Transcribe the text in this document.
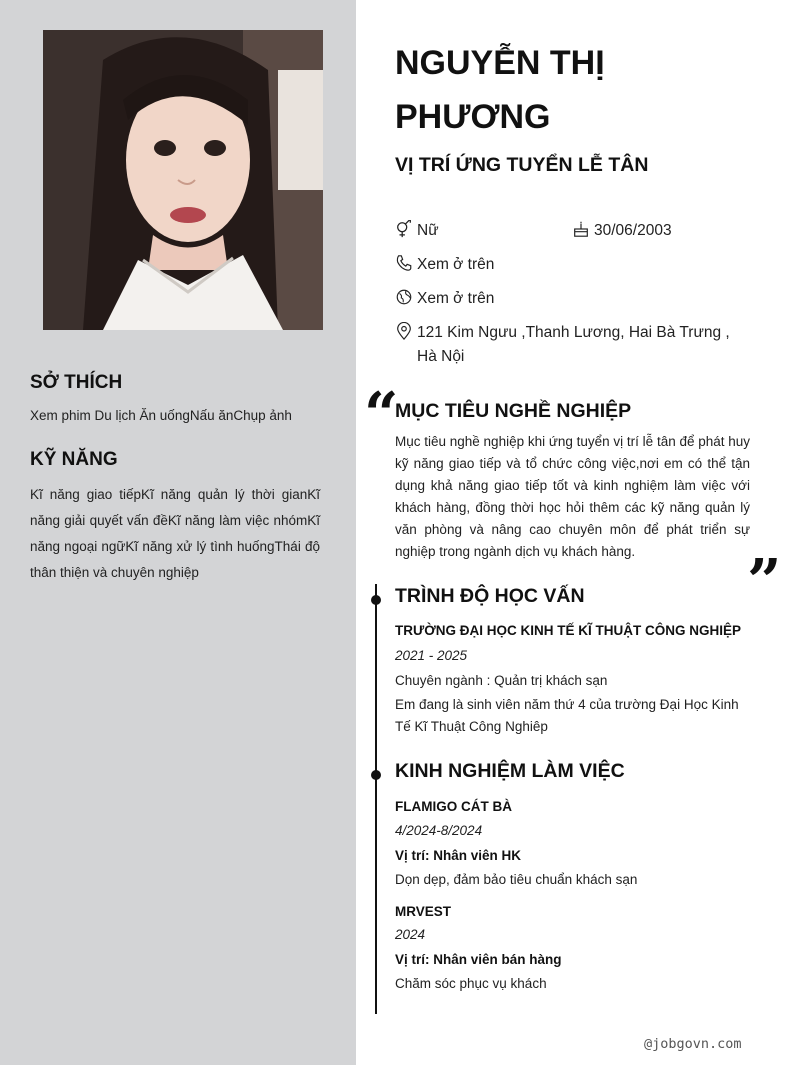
SỞ THÍCH

Xem phim Du lịch Ăn uốngNấu ănChụp ảnh

KỸ NĂNG

Kĩ năng giao tiếpKĩ năng quản lý thời gianKĩ năng giải quyết vấn đềKĩ năng làm việc nhómKĩ năng ngoại ngữKĩ năng xử lý tình huốngThái độ thân thiện và chuyên nghiệp

NGUYỄN THỊ PHƯƠNG
VỊ TRÍ ỨNG TUYỂN LỄ TÂN
Nữ	30/06/2003
Xem ở trên
Xem ở trên
121 Kim Ngưu ,Thanh Lương, Hai Bà Trưng , Hà Nội
“
MỤC TIÊU NGHỀ NGHIỆP

Mục tiêu nghề nghiệp khi ứng tuyển vị trí lễ tân để phát huy kỹ năng giao tiếp và tổ chức công việc,nơi em có thể tận dụng khả năng giao tiếp tốt và kinh nghiệm làm việc với khách hàng, đồng thời học hỏi thêm các kỹ năng quản lý văn phòng và nâng cao chuyên môn để phát triển sự nghiệp trong ngành dịch vụ khách hàng.	”
TRÌNH ĐỘ HỌC VẤN
TRƯỜNG ĐẠI HỌC KINH TẾ KĨ THUẬT CÔNG NGHIỆP
2021 - 2025
Chuyên ngành : Quản trị khách sạn
Em đang là sinh viên năm thứ 4 của trường Đại Học Kinh Tế Kĩ Thuật Công Nghiêp
KINH NGHIỆM LÀM VIỆC
FLAMIGO CÁT BÀ
4/2024-8/2024
Vị trí: Nhân viên HK
Dọn dẹp, đảm bảo tiêu chuẩn khách sạn
MRVEST
2024
Vị trí: Nhân viên bán hàng
Chăm sóc phục vụ khách
@jobgovn.com
